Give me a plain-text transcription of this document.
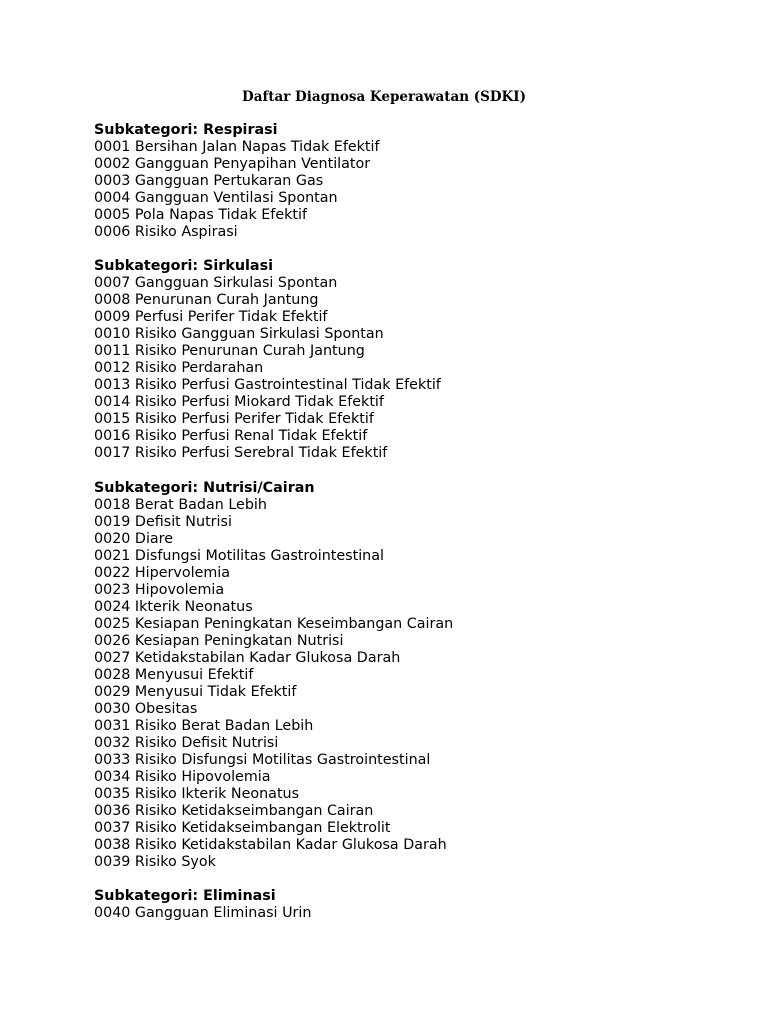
Daftar Diagnosa Keperawatan (SDKI)
Subkategori: Respirasi
0001 Bersihan Jalan Napas Tidak Efektif
0002 Gangguan Penyapihan Ventilator
0003 Gangguan Pertukaran Gas
0004 Gangguan Ventilasi Spontan
0005 Pola Napas Tidak Efektif
0006 Risiko Aspirasi
Subkategori: Sirkulasi
0007 Gangguan Sirkulasi Spontan
0008 Penurunan Curah Jantung
0009 Perfusi Perifer Tidak Efektif
0010 Risiko Gangguan Sirkulasi Spontan
0011 Risiko Penurunan Curah Jantung
0012 Risiko Perdarahan
0013 Risiko Perfusi Gastrointestinal Tidak Efektif
0014 Risiko Perfusi Miokard Tidak Efektif
0015 Risiko Perfusi Perifer Tidak Efektif
0016 Risiko Perfusi Renal Tidak Efektif
0017 Risiko Perfusi Serebral Tidak Efektif
Subkategori: Nutrisi/Cairan
0018 Berat Badan Lebih
0019 Defisit Nutrisi
0020 Diare
0021 Disfungsi Motilitas Gastrointestinal
0022 Hipervolemia
0023 Hipovolemia
0024 Ikterik Neonatus
0025 Kesiapan Peningkatan Keseimbangan Cairan
0026 Kesiapan Peningkatan Nutrisi
0027 Ketidakstabilan Kadar Glukosa Darah
0028 Menyusui Efektif
0029 Menyusui Tidak Efektif
0030 Obesitas
0031 Risiko Berat Badan Lebih
0032 Risiko Defisit Nutrisi
0033 Risiko Disfungsi Motilitas Gastrointestinal
0034 Risiko Hipovolemia
0035 Risiko Ikterik Neonatus
0036 Risiko Ketidakseimbangan Cairan
0037 Risiko Ketidakseimbangan Elektrolit
0038 Risiko Ketidakstabilan Kadar Glukosa Darah
0039 Risiko Syok
Subkategori: Eliminasi
0040 Gangguan Eliminasi Urin
